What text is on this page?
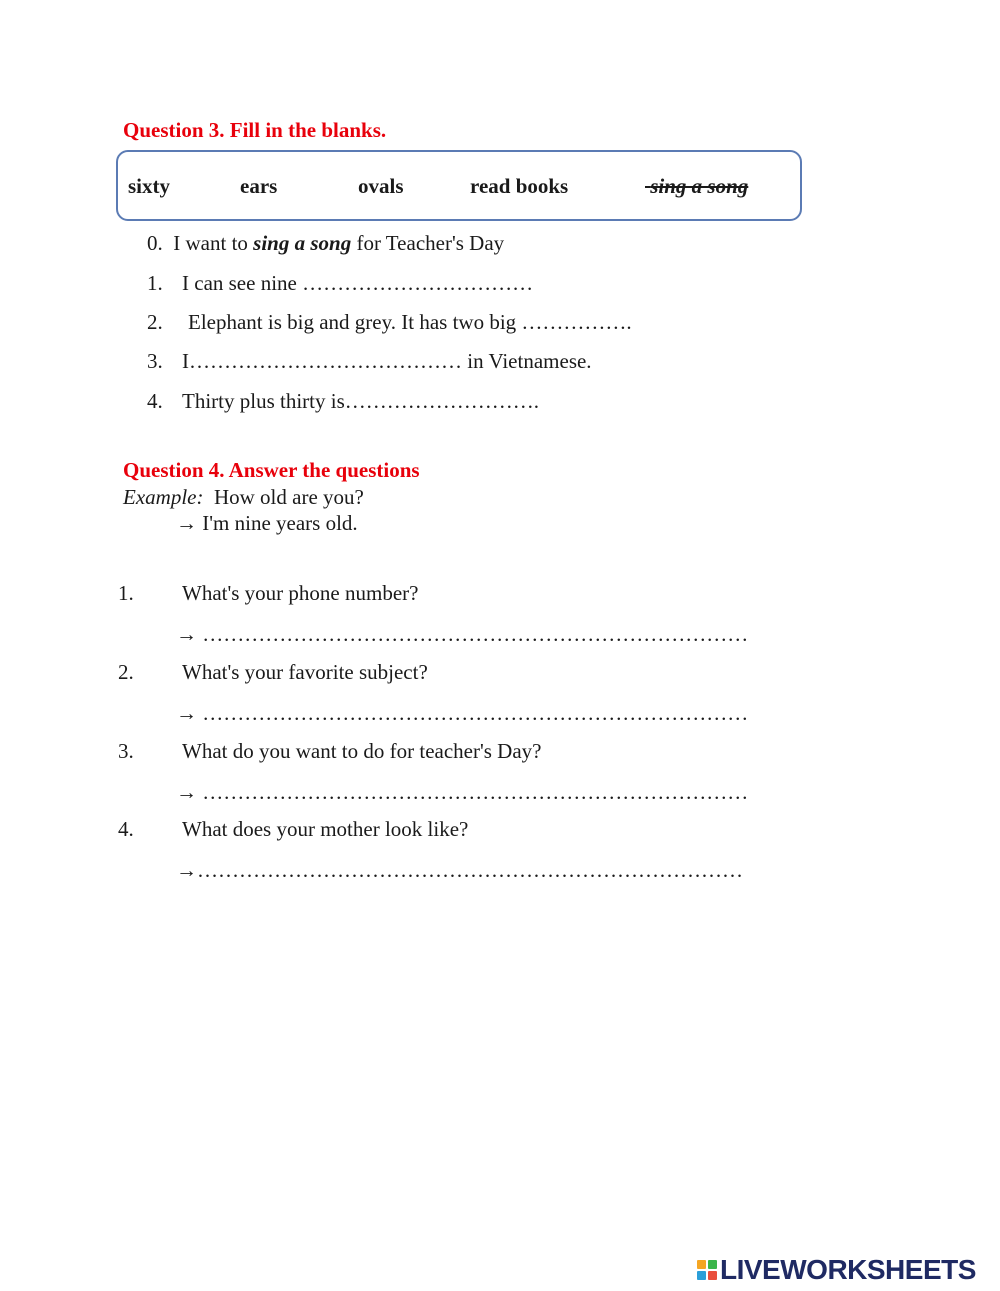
Question 3. Fill in the blanks.
sixty	ears	ovals	read books	sing a song
0. I want to sing a song for Teacher's Day
1. I can see nine ……………………………
2. Elephant is big and grey. It has two big …………….
3. I………………………………… in Vietnamese.
4. Thirty plus thirty is……………………….
Question 4. Answer the questions
Example: How old are you?
→ I'm nine years old.
1. What's your phone number?
→ ……………………………………………………………………
2. What's your favorite subject?
→ ……………………………………………………………………
3. What do you want to do for teacher's Day?
→ ……………………………………………………………………
4. What does your mother look like?
→……………………………………………………………………
LIVEWORKSHEETS
